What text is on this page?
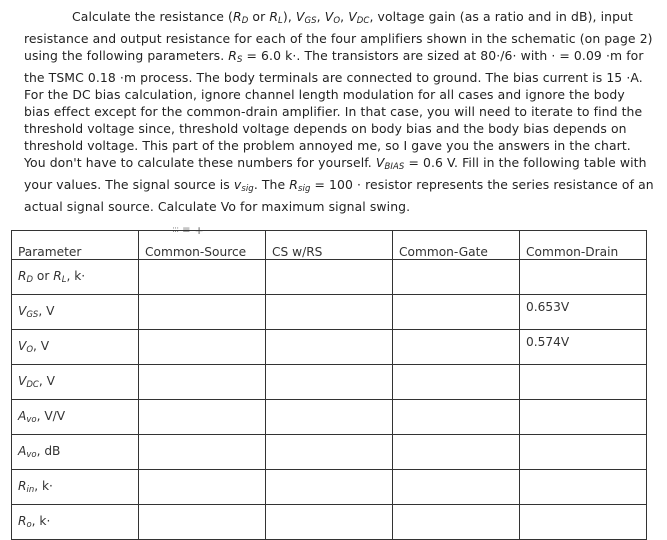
Calculate the resistance ($R_D$ or $R_L$), $V_{GS}$, $V_O$, $V_{DC}$, voltage gain (as a ratio and in dB), input resistance and output resistance for each of the four amplifiers shown in the schematic (on page 2) using the following parameters. $R_S = 6.0$ k·. The transistors are sized at 80·/6· with · = 0.09 ·m for the TSMC 0.18 ·m process. The body terminals are connected to ground. The bias current is 15 ·A. For the DC bias calculation, ignore channel length modulation for all cases and ignore the body bias effect except for the common-drain amplifier. In that case, you will need to iterate to find the threshold voltage since, threshold voltage depends on body bias and the body bias depends on threshold voltage. This part of the problem annoyed me, so I gave you the answers in the chart. You don't have to calculate these numbers for yourself. $V_{BIAS} = 0.6$ V. Fill in the following table with your values. The signal source is $v_{sig}$. The $R_{sig} = 100$ · resistor represents the series resistance of an actual signal source. Calculate Vo for maximum signal swing.

::: ≡ +
Parameter	Common-Source	CS w/RS	Common-Gate	Common-Drain
$R_D$ or $R_L$, k·				
$V_{GS}$, V				0.653V
$V_O$, V				0.574V
$V_{DC}$, V				
$A_{vo}$, V/V				
$A_{vo}$, dB				
$R_{in}$, k·				
$R_o$, k·				
